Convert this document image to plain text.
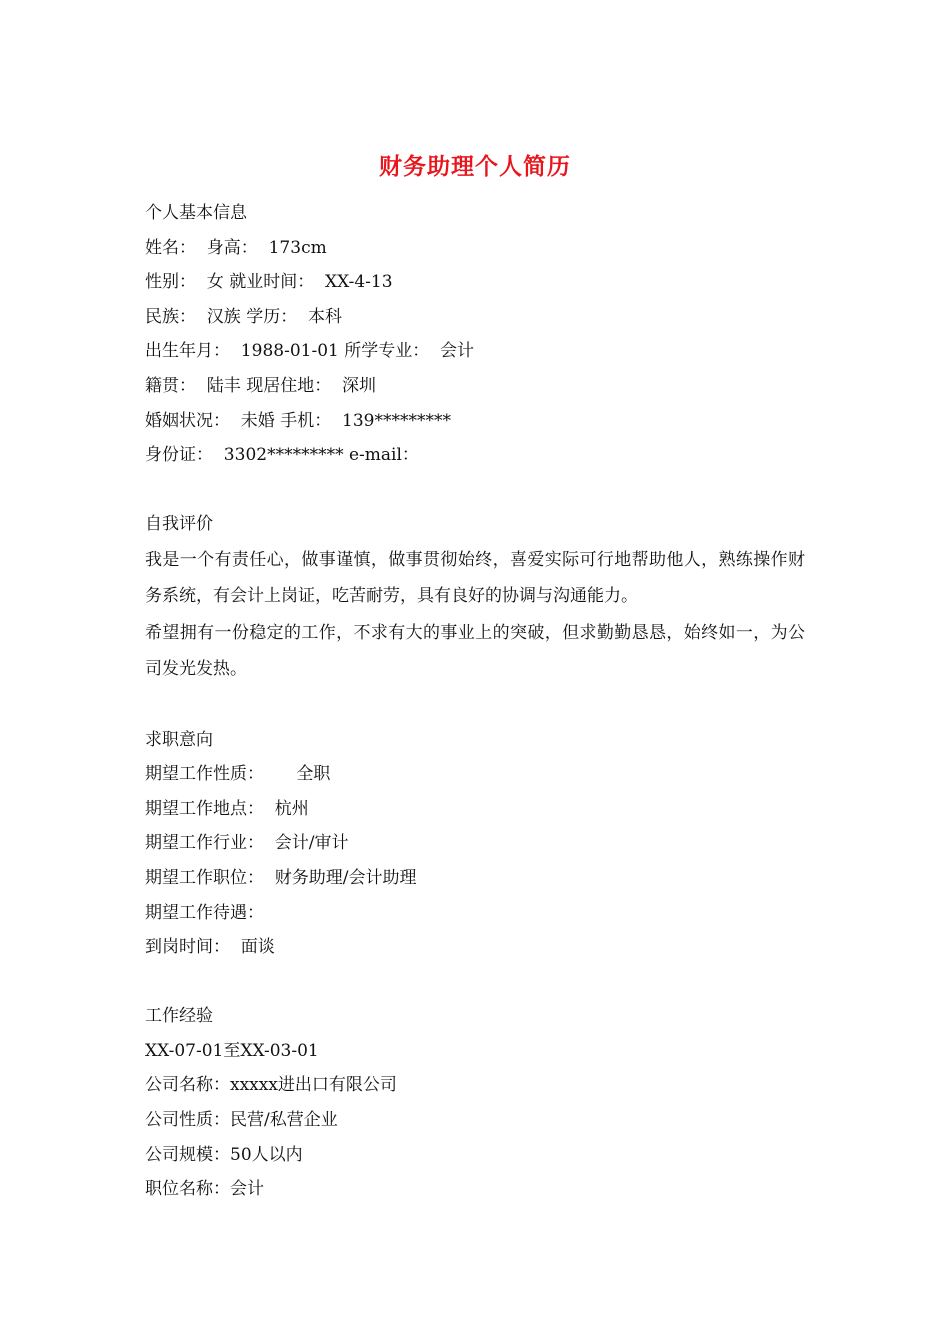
财务助理个人简历
个人基本信息
姓名：  身高：  173cm
性别：  女 就业时间：  XX-4-13
民族：  汉族 学历：  本科
出生年月：  1988-01-01 所学专业：  会计
籍贯：  陆丰 现居住地：  深圳
婚姻状况：  未婚 手机：  139*********
身份证：  3302********* e-mail：
自我评价
我是一个有责任心，做事谨慎，做事贯彻始终，喜爱实际可行地帮助他人，熟练操作财务系统，有会计上岗证，吃苦耐劳，具有良好的协调与沟通能力。
希望拥有一份稳定的工作，不求有大的事业上的突破，但求勤勤恳恳，始终如一，为公司发光发热。
求职意向
期望工作性质：      全职
期望工作地点：  杭州
期望工作行业：  会计/审计
期望工作职位：  财务助理/会计助理
期望工作待遇：
到岗时间：  面谈
工作经验
XX-07-01至XX-03-01
公司名称：xxxxx进出口有限公司
公司性质：民营/私营企业
公司规模：50人以内
职位名称：会计
